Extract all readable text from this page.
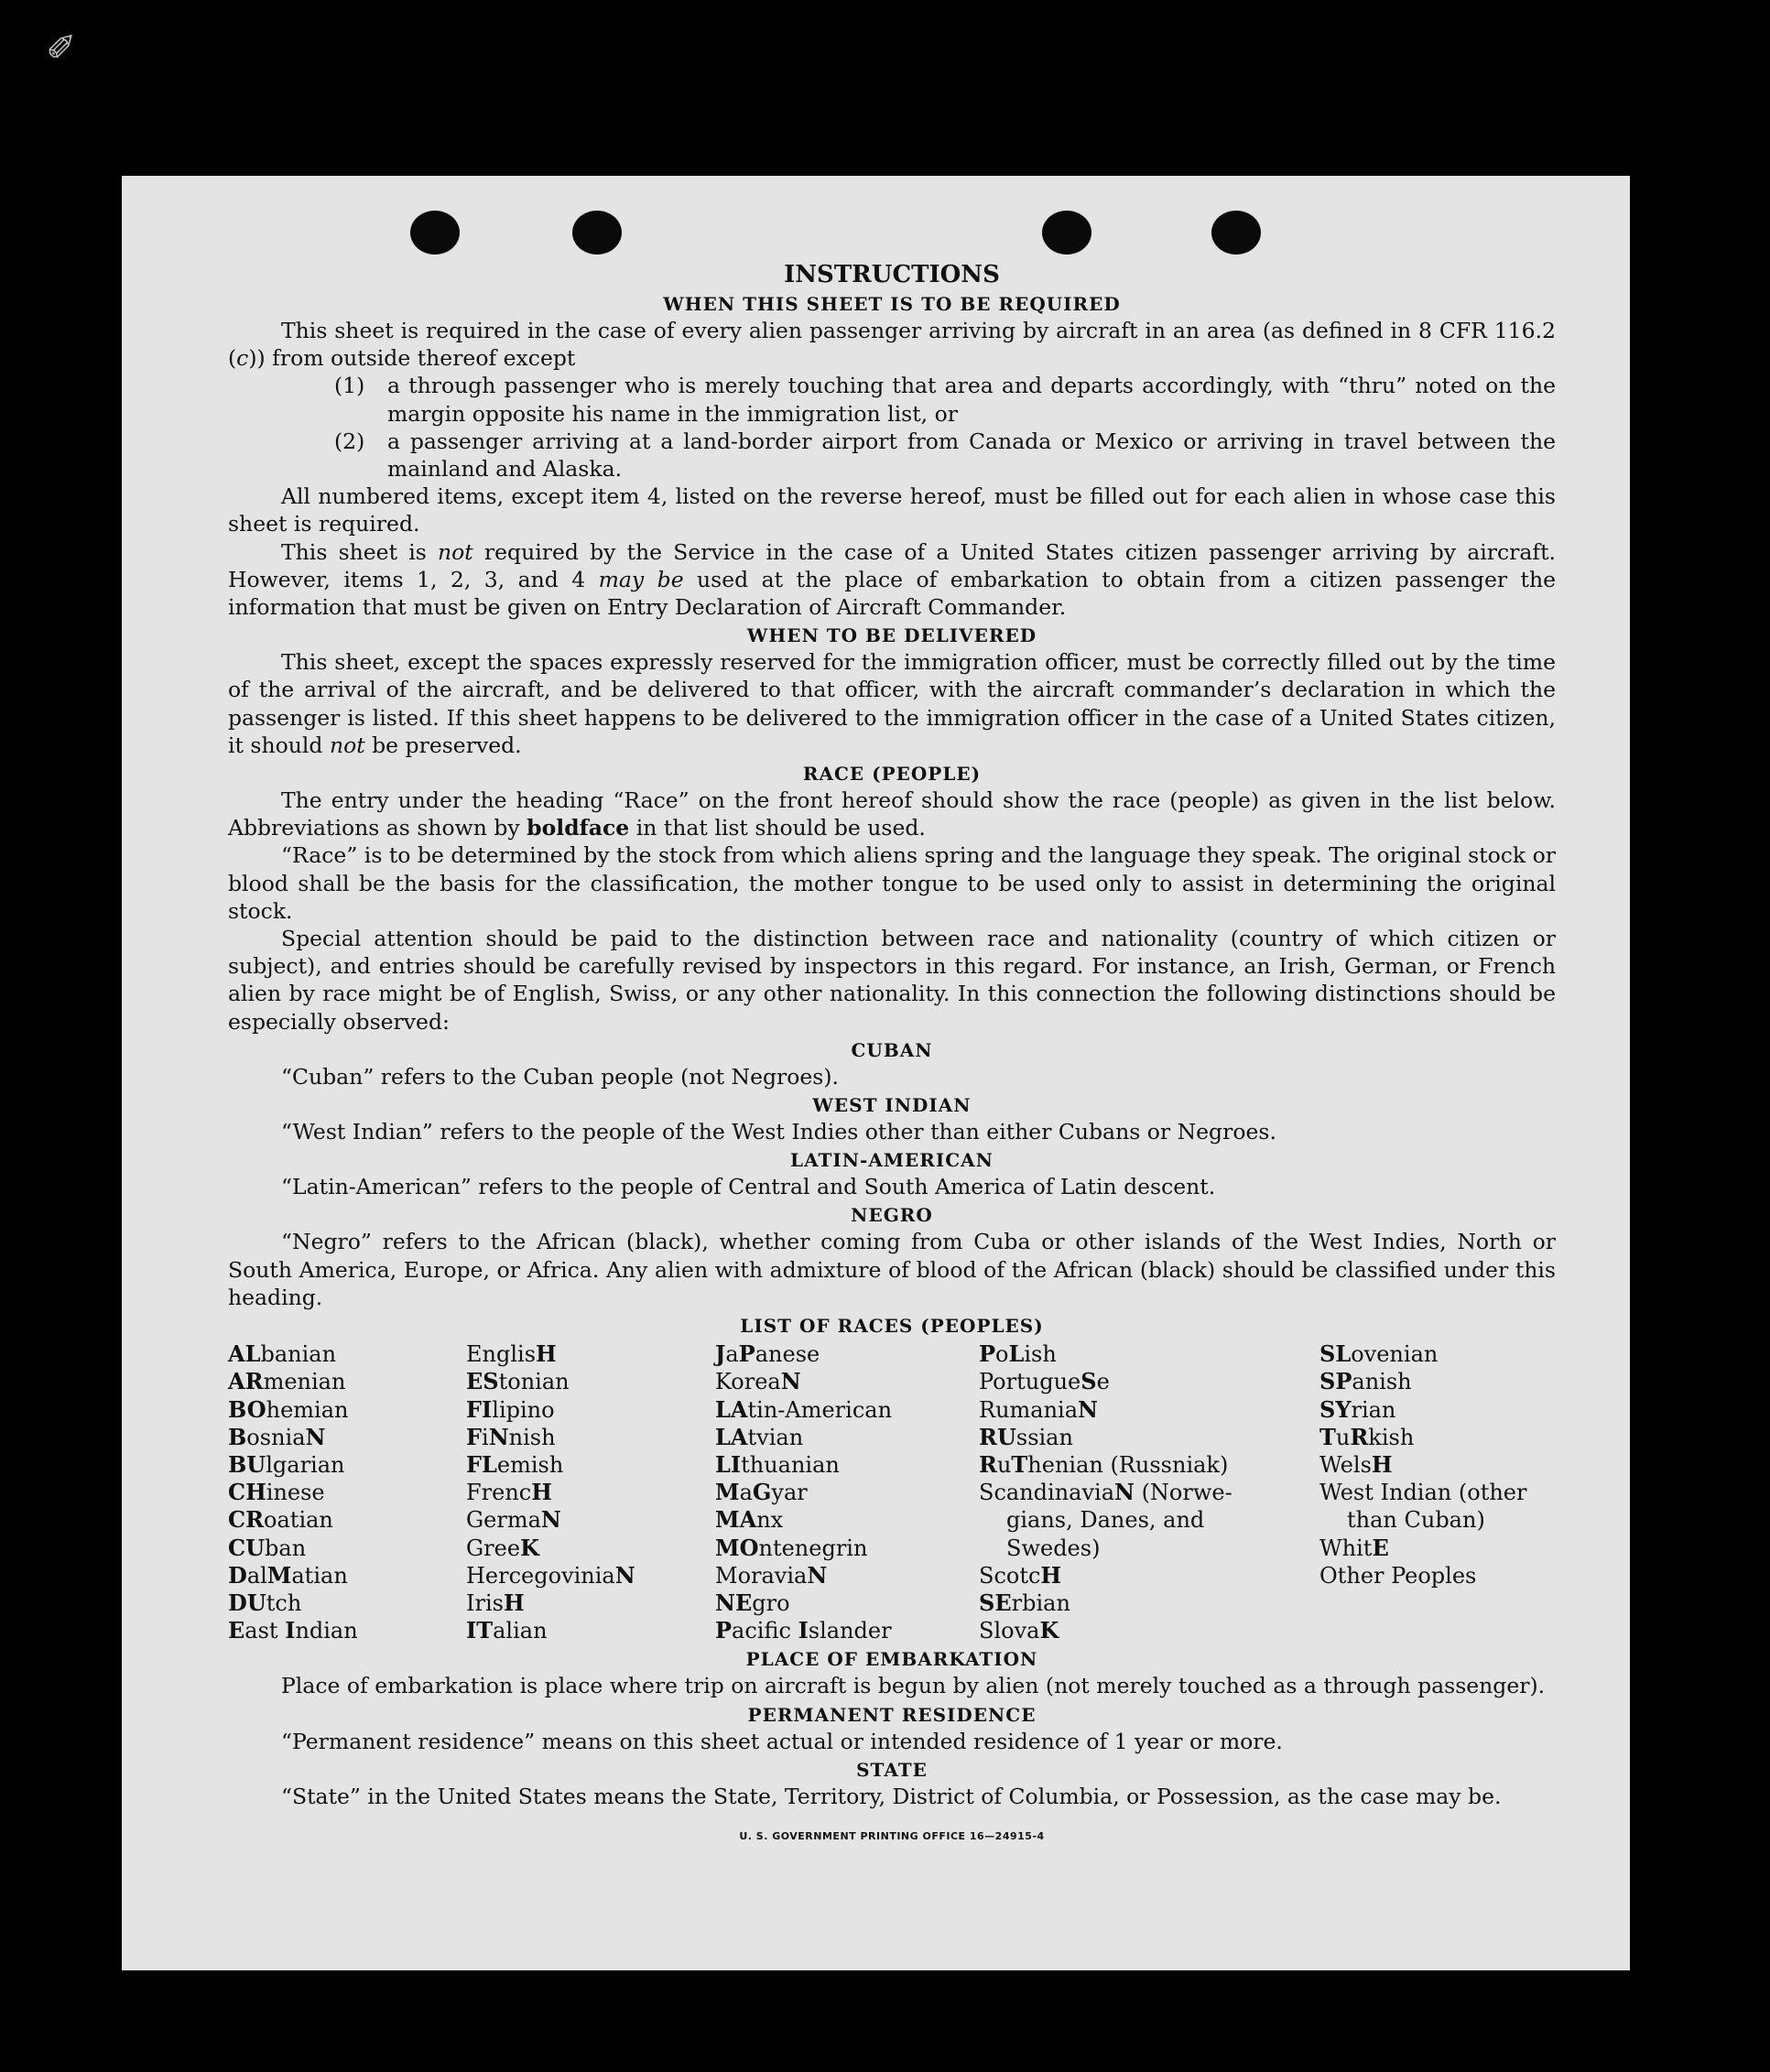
✐
INSTRUCTIONS
WHEN THIS SHEET IS TO BE REQUIRED

This sheet is required in the case of every alien passenger arriving by aircraft in an area (as defined in 8 CFR 116.2 (c)) from outside thereof except

(1)	a through passenger who is merely touching that area and departs accordingly, with “thru” noted on the margin opposite his name in the immigration list, or
(2)	a passenger arriving at a land-border airport from Canada or Mexico or arriving in travel between the mainland and Alaska.

All numbered items, except item 4, listed on the reverse hereof, must be filled out for each alien in whose case this sheet is required.

This sheet is not required by the Service in the case of a United States citizen passenger arriving by aircraft. However, items 1, 2, 3, and 4 may be used at the place of embarkation to obtain from a citizen passenger the information that must be given on Entry Declaration of Aircraft Commander.

WHEN TO BE DELIVERED

This sheet, except the spaces expressly reserved for the immigration officer, must be correctly filled out by the time of the arrival of the aircraft, and be delivered to that officer, with the aircraft commander’s declaration in which the passenger is listed. If this sheet happens to be delivered to the immigration officer in the case of a United States citizen, it should not be preserved.

RACE (PEOPLE)

The entry under the heading “Race” on the front hereof should show the race (people) as given in the list below. Abbreviations as shown by boldface in that list should be used.

“Race” is to be determined by the stock from which aliens spring and the language they speak. The original stock or blood shall be the basis for the classification, the mother tongue to be used only to assist in determining the original stock.

Special attention should be paid to the distinction between race and nationality (country of which citizen or subject), and entries should be carefully revised by inspectors in this regard. For instance, an Irish, German, or French alien by race might be of English, Swiss, or any other nationality. In this connection the following distinctions should be especially observed:

CUBAN

“Cuban” refers to the Cuban people (not Negroes).

WEST INDIAN

“West Indian” refers to the people of the West Indies other than either Cubans or Negroes.

LATIN-AMERICAN

“Latin-American” refers to the people of Central and South America of Latin descent.

NEGRO

“Negro” refers to the African (black), whether coming from Cuba or other islands of the West Indies, North or South America, Europe, or Africa. Any alien with admixture of blood of the African (black) should be classified under this heading.

LIST OF RACES (PEOPLES)
ALbanian
ARmenian
BOhemian
BosniaN
BUlgarian
CHinese
CRoatian
CUban
DalMatian
DUtch
East Indian
EnglisH
EStonian
FIlipino
FiNnish
FLemish
FrencH
GermaN
GreeK
HercegoviniaN
IrisH
ITalian
JaPanese
KoreaN
LAtin-American
LAtvian
LIthuanian
MaGyar
MAnx
MOntenegrin
MoraviaN
NEgro
Pacific Islander
PoLish
PortugueSe
RumaniaN
RUssian
RuThenian (Russniak)
ScandinaviaN (Norwe-
gians, Danes, and
Swedes)
ScotcH
SErbian
SlovaK
SLovenian
SPanish
SYrian
TuRkish
WelsH
West Indian (other
than Cuban)
WhitE
Other Peoples
PLACE OF EMBARKATION

Place of embarkation is place where trip on aircraft is begun by alien (not merely touched as a through passenger).

PERMANENT RESIDENCE

“Permanent residence” means on this sheet actual or intended residence of 1 year or more.

STATE

“State” in the United States means the State, Territory, District of Columbia, or Possession, as the case may be.

U. S. GOVERNMENT PRINTING OFFICE 16—24915-4
